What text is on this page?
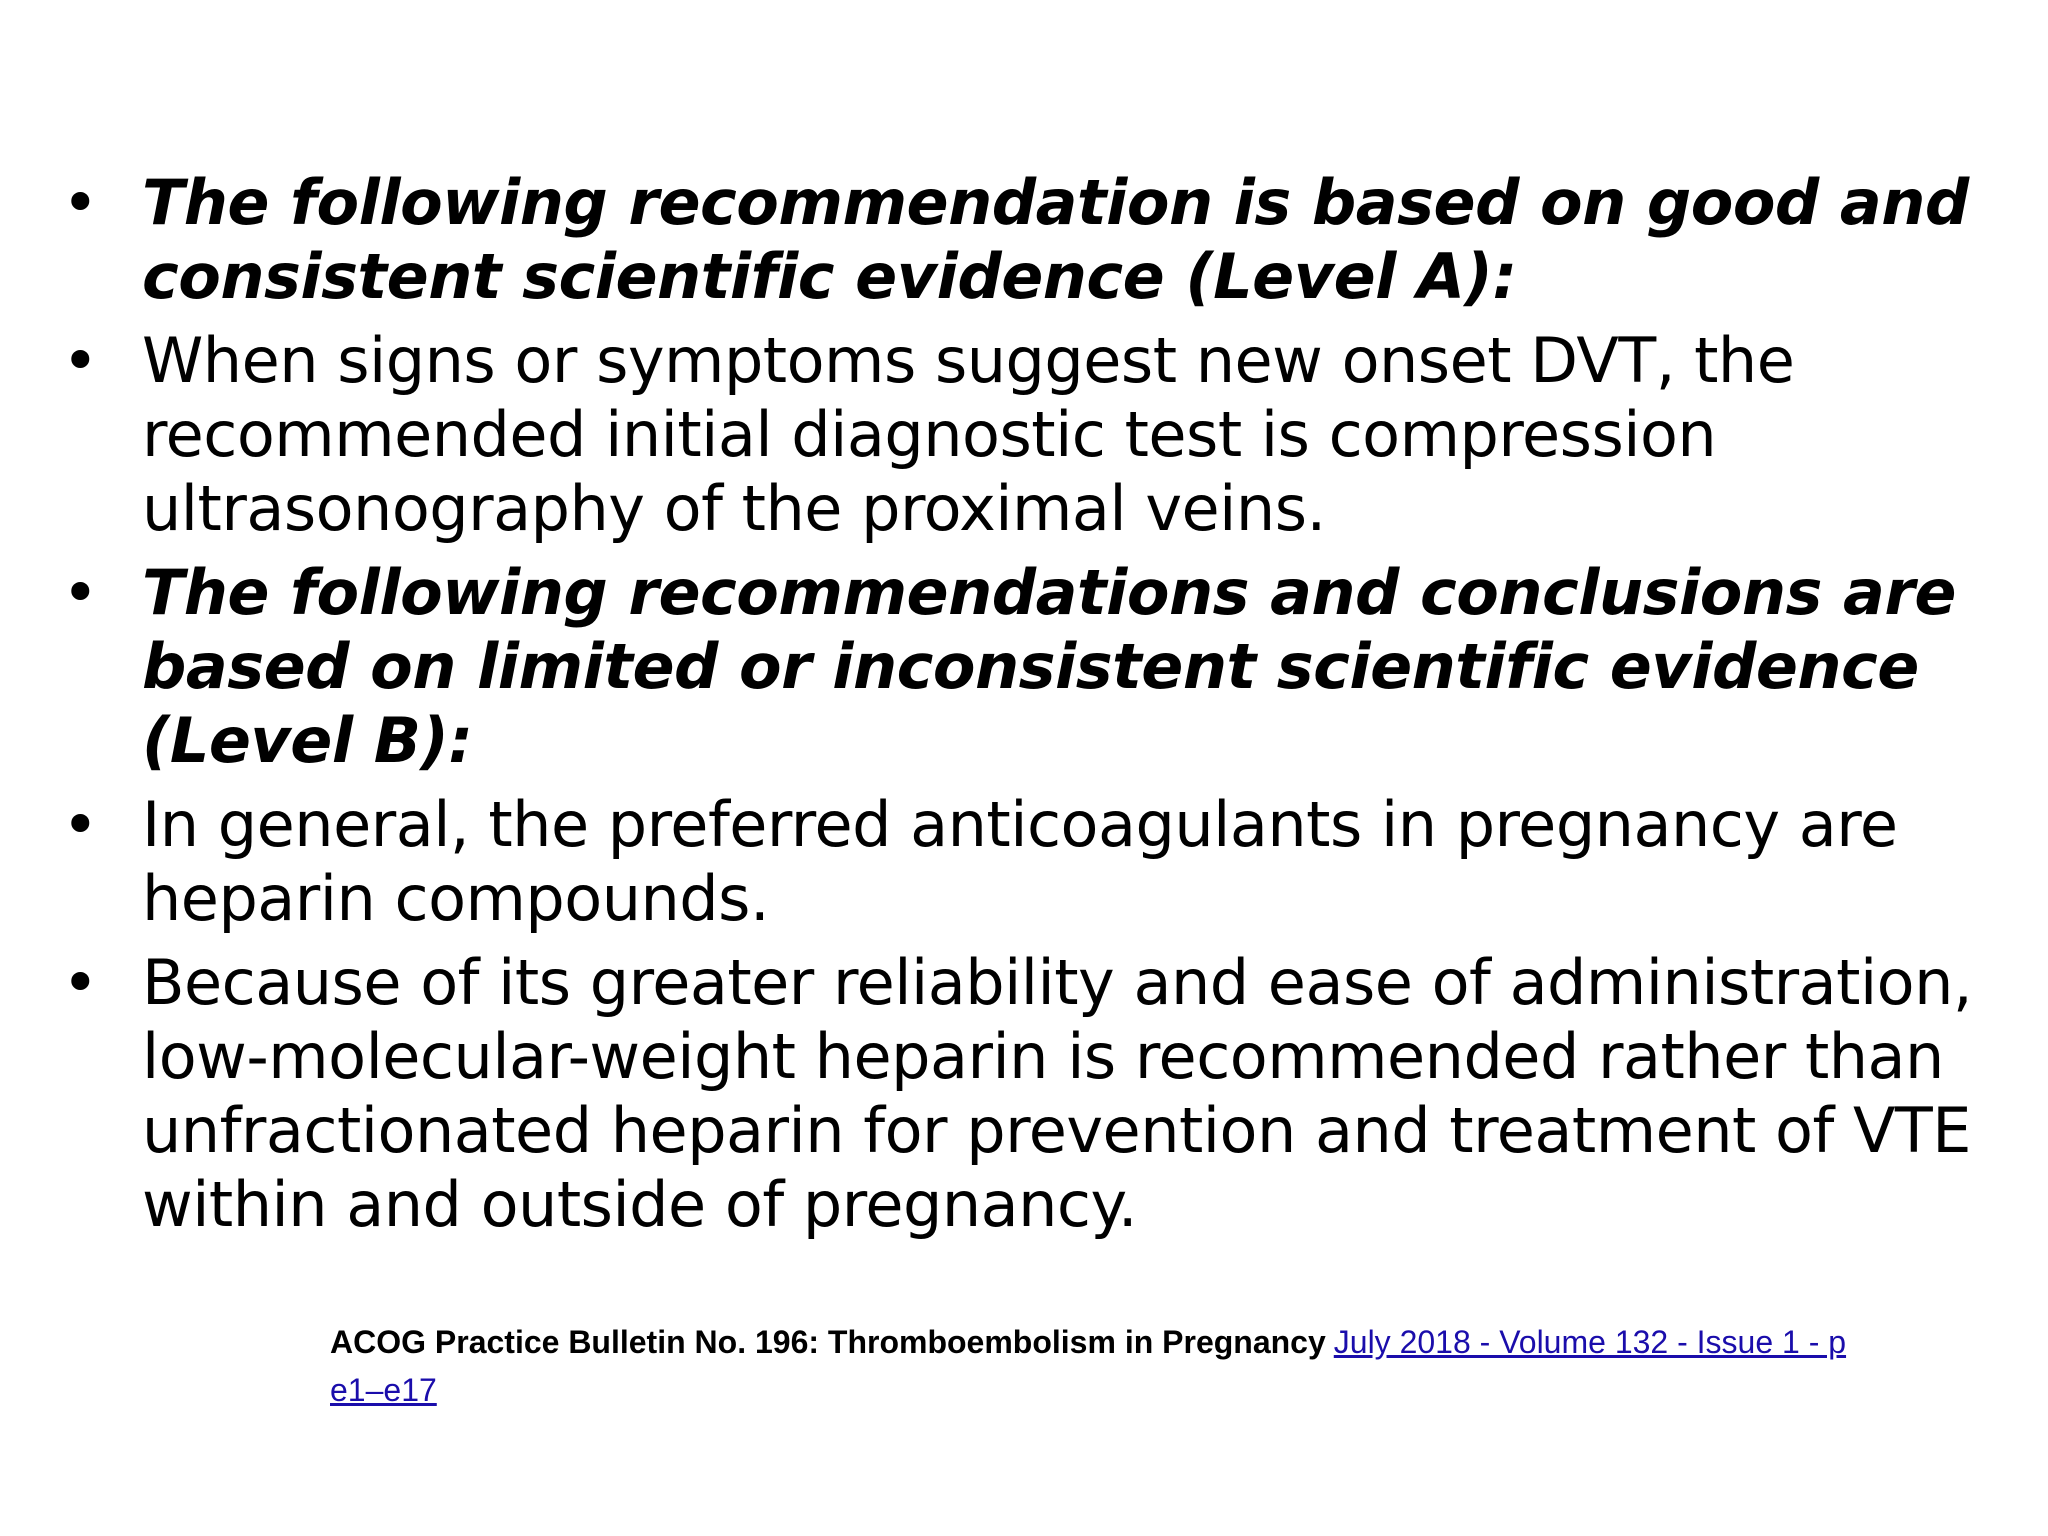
• The following recommendation is based on good and consistent scientific evidence (Level A):
• When signs or symptoms suggest new onset DVT, the recommended initial diagnostic test is compression ultrasonography of the proximal veins.
• The following recommendations and conclusions are based on limited or inconsistent scientific evidence (Level B):
• In general, the preferred anticoagulants in pregnancy are heparin compounds.
• Because of its greater reliability and ease of administration, low-molecular-weight heparin is recommended rather than unfractionated heparin for prevention and treatment of VTE within and outside of pregnancy.
ACOG Practice Bulletin No. 196: Thromboembolism in Pregnancy July 2018 - Volume 132 - Issue 1 - p e1–e17
